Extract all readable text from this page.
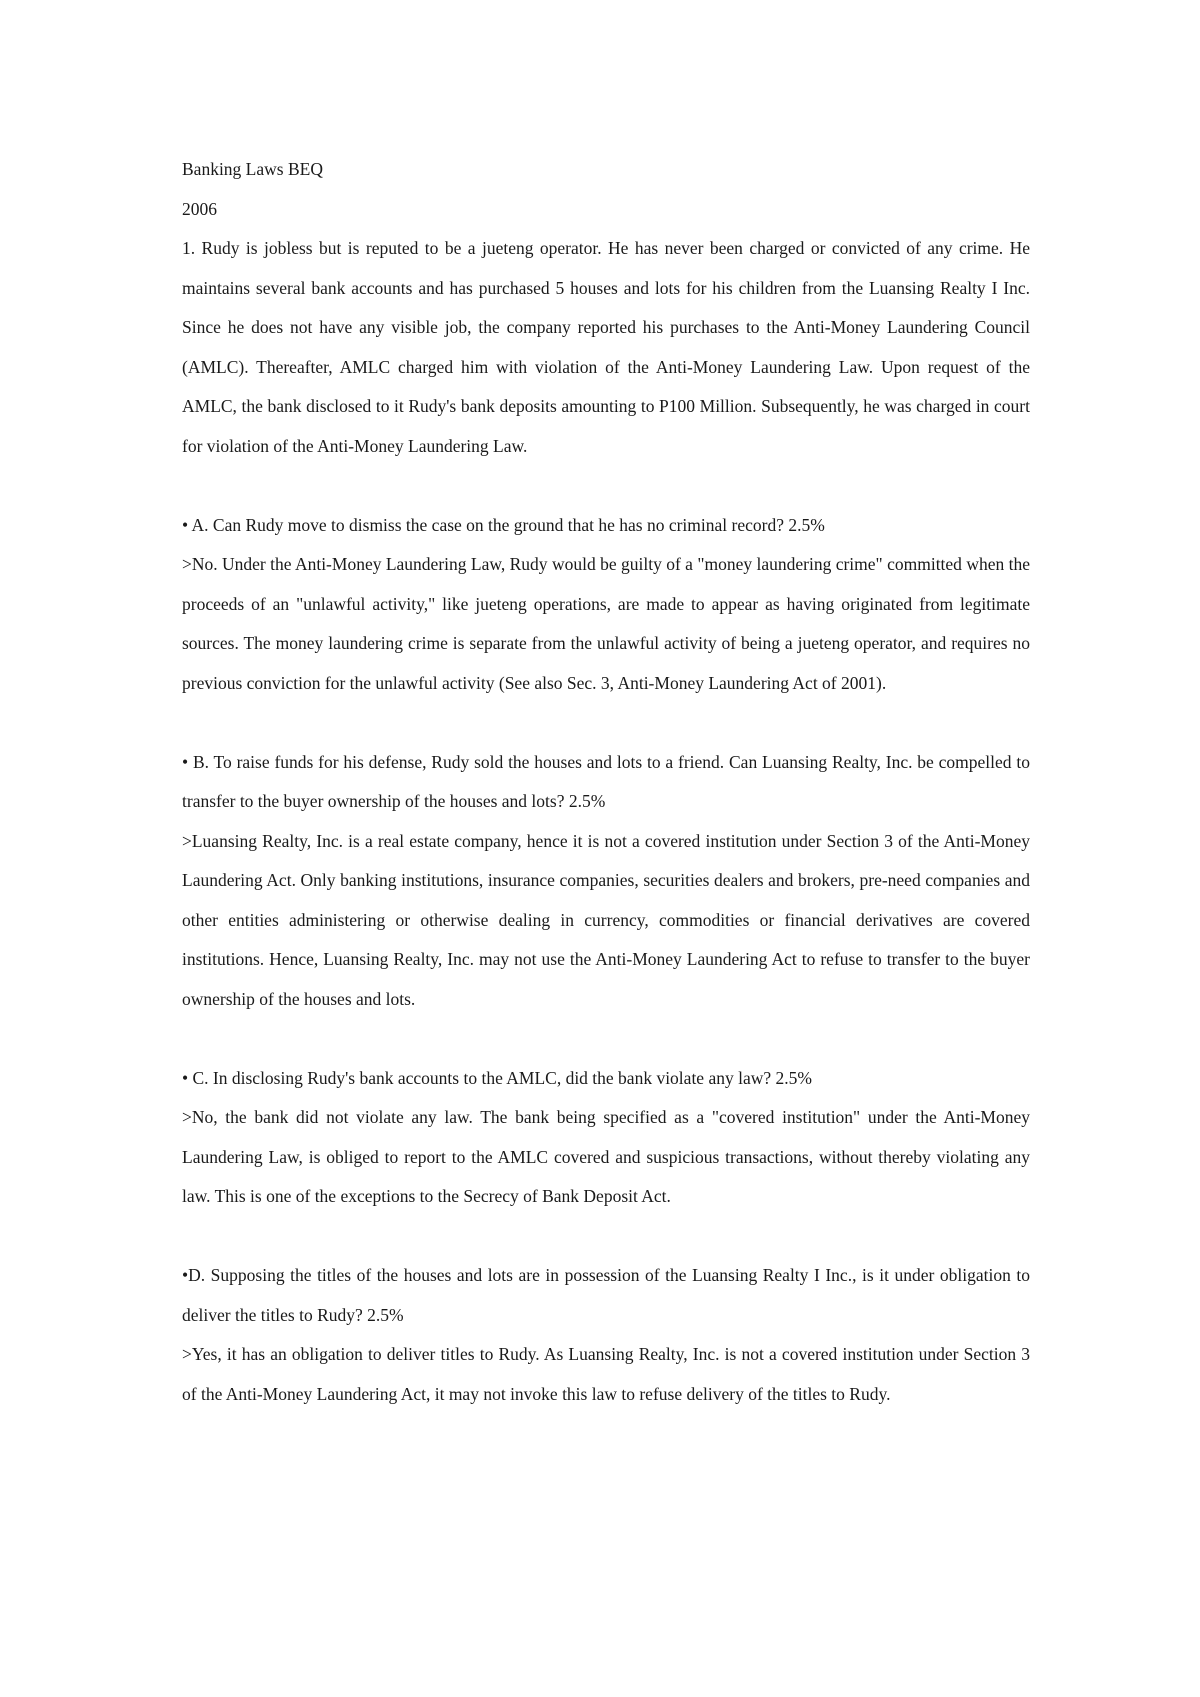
Banking Laws BEQ

2006

1. Rudy is jobless but is reputed to be a jueteng operator. He has never been charged or convicted of any crime. He maintains several bank accounts and has purchased 5 houses and lots for his children from the Luansing Realty I Inc. Since he does not have any visible job, the company reported his purchases to the Anti-Money Laundering Council (AMLC). Thereafter, AMLC charged him with violation of the Anti-Money Laundering Law. Upon request of the AMLC, the bank disclosed to it Rudy's bank deposits amounting to P100 Million. Subsequently, he was charged in court for violation of the Anti-Money Laundering Law.

• A. Can Rudy move to dismiss the case on the ground that he has no criminal record? 2.5%

>No. Under the Anti-Money Laundering Law, Rudy would be guilty of a "money laundering crime" committed when the proceeds of an "unlawful activity," like jueteng operations, are made to appear as having originated from legitimate sources. The money laundering crime is separate from the unlawful activity of being a jueteng operator, and requires no previous conviction for the unlawful activity (See also Sec. 3, Anti-Money Laundering Act of 2001).

• B. To raise funds for his defense, Rudy sold the houses and lots to a friend. Can Luansing Realty, Inc. be compelled to transfer to the buyer ownership of the houses and lots? 2.5%

>Luansing Realty, Inc. is a real estate company, hence it is not a covered institution under Section 3 of the Anti-Money Laundering Act. Only banking institutions, insurance companies, securities dealers and brokers, pre-need companies and other entities administering or otherwise dealing in currency, commodities or financial derivatives are covered institutions. Hence, Luansing Realty, Inc. may not use the Anti-Money Laundering Act to refuse to transfer to the buyer ownership of the houses and lots.

• C. In disclosing Rudy's bank accounts to the AMLC, did the bank violate any law? 2.5%

>No, the bank did not violate any law. The bank being specified as a "covered institution" under the Anti-Money Laundering Law, is obliged to report to the AMLC covered and suspicious transactions, without thereby violating any law. This is one of the exceptions to the Secrecy of Bank Deposit Act.

•D. Supposing the titles of the houses and lots are in possession of the Luansing Realty I Inc., is it under obligation to deliver the titles to Rudy? 2.5%

>Yes, it has an obligation to deliver titles to Rudy. As Luansing Realty, Inc. is not a covered institution under Section 3 of the Anti-Money Laundering Act, it may not invoke this law to refuse delivery of the titles to Rudy.
